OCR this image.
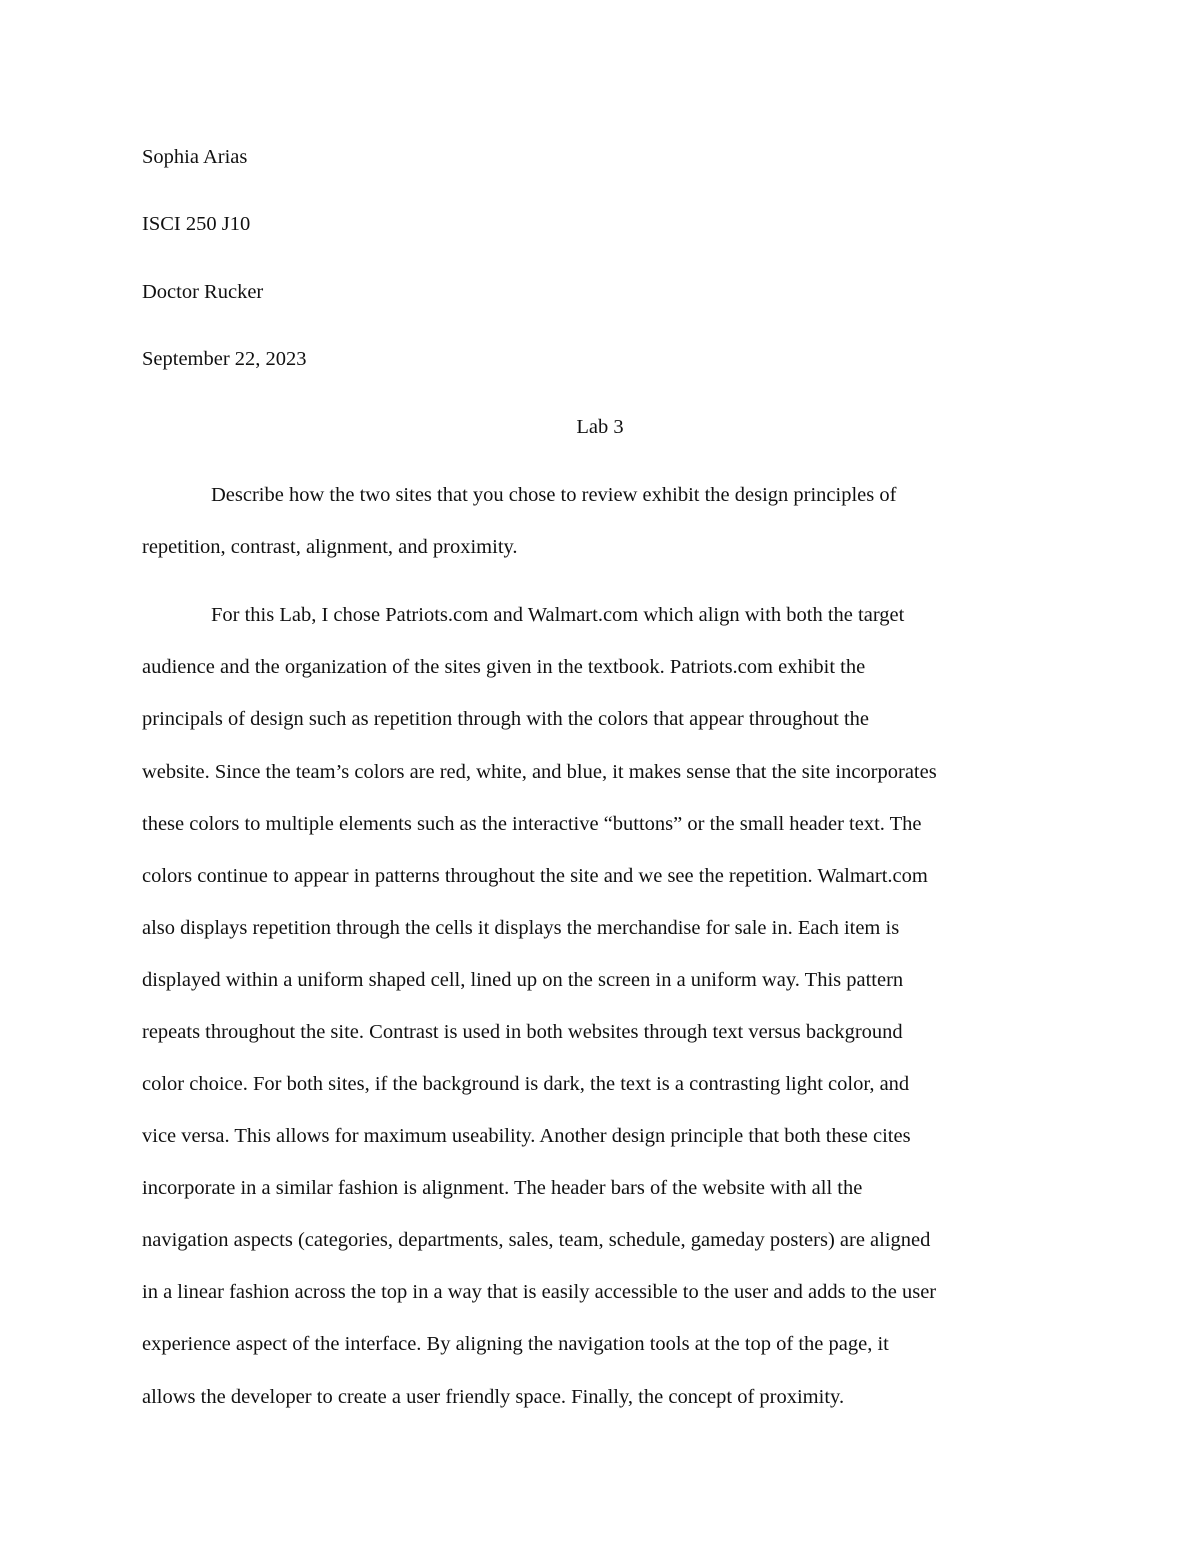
Sophia Arias
ISCI 250 J10
Doctor Rucker
September 22, 2023
Lab 3
Describe how the two sites that you chose to review exhibit the design principles of
repetition, contrast, alignment, and proximity.
For this Lab, I chose Patriots.com and Walmart.com which align with both the target
audience and the organization of the sites given in the textbook. Patriots.com exhibit the
principals of design such as repetition through with the colors that appear throughout the
website. Since the team’s colors are red, white, and blue, it makes sense that the site incorporates
these colors to multiple elements such as the interactive “buttons” or the small header text. The
colors continue to appear in patterns throughout the site and we see the repetition. Walmart.com
also displays repetition through the cells it displays the merchandise for sale in. Each item is
displayed within a uniform shaped cell, lined up on the screen in a uniform way. This pattern
repeats throughout the site. Contrast is used in both websites through text versus background
color choice. For both sites, if the background is dark, the text is a contrasting light color, and
vice versa. This allows for maximum useability. Another design principle that both these cites
incorporate in a similar fashion is alignment. The header bars of the website with all the
navigation aspects (categories, departments, sales, team, schedule, gameday posters) are aligned
in a linear fashion across the top in a way that is easily accessible to the user and adds to the user
experience aspect of the interface. By aligning the navigation tools at the top of the page, it
allows the developer to create a user friendly space. Finally, the concept of proximity.
